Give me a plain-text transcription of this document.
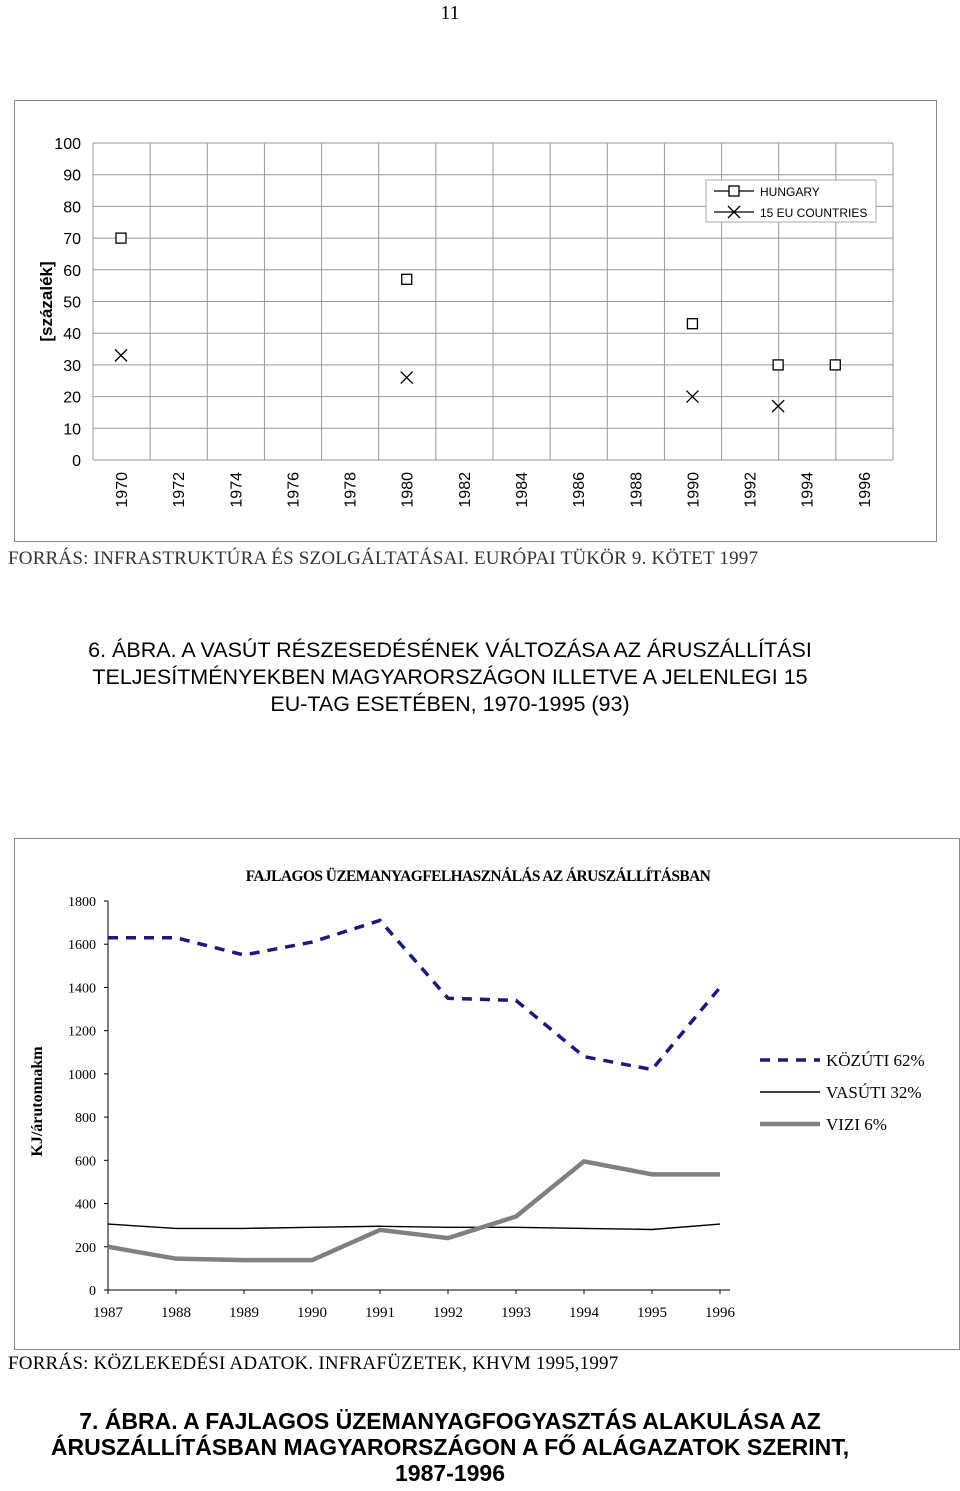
11
0
10
20
30
40
50
60
70
80
90
100
1970	1972	1974	1976	1978	1980	1982	1984	1986	1988	1990	1992	1994	1996
[százalék]
HUNGARY
15 EU COUNTRIES
FORRÁS: INFRASTRUKTÚRA ÉS SZOLGÁLTATÁSAI. EURÓPAI TÜKÖR 9. KÖTET 1997
6. ÁBRA. A VASÚT RÉSZESEDÉSÉNEK VÁLTOZÁSA AZ ÁRUSZÁLLÍTÁSI
TELJESÍTMÉNYEKBEN MAGYARORSZÁGON ILLETVE A JELENLEGI 15
EU-TAG ESETÉBEN, 1970-1995 (93)
0
200
400
600
800
1000
1200
1400
1600
1800
1987	1988	1989	1990	1991	1992	1993	1994	1995	1996
KJ/árutonnakm
FAJLAGOS ÜZEMANYAGFELHASZNÁLÁS AZ ÁRUSZÁLLÍTÁSBAN
KÖZÚTI 62%
VASÚTI 32%
VIZI 6%
FORRÁS: KÖZLEKEDÉSI ADATOK. INFRAFÜZETEK, KHVM 1995,1997
7. ÁBRA. A FAJLAGOS ÜZEMANYAGFOGYASZTÁS ALAKULÁSA AZ
ÁRUSZÁLLÍTÁSBAN MAGYARORSZÁGON A FŐ ALÁGAZATOK SZERINT,
1987-1996
